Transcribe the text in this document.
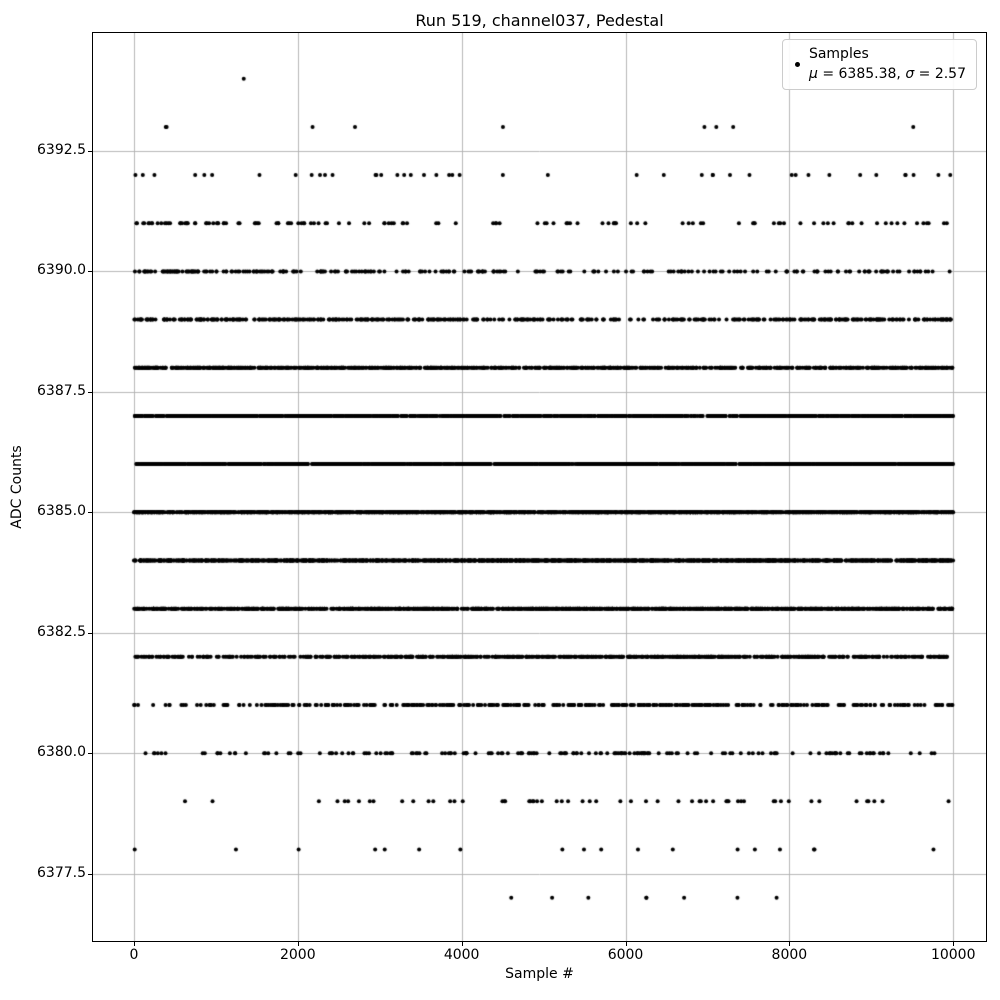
Run 519, channel037, Pedestal
0	2000	4000	6000	8000	10000
6377.5
6380.0
6382.5
6385.0
6387.5
6390.0
6392.5
Sample #
ADC Counts
Samples
μ = 6385.38, σ = 2.57
